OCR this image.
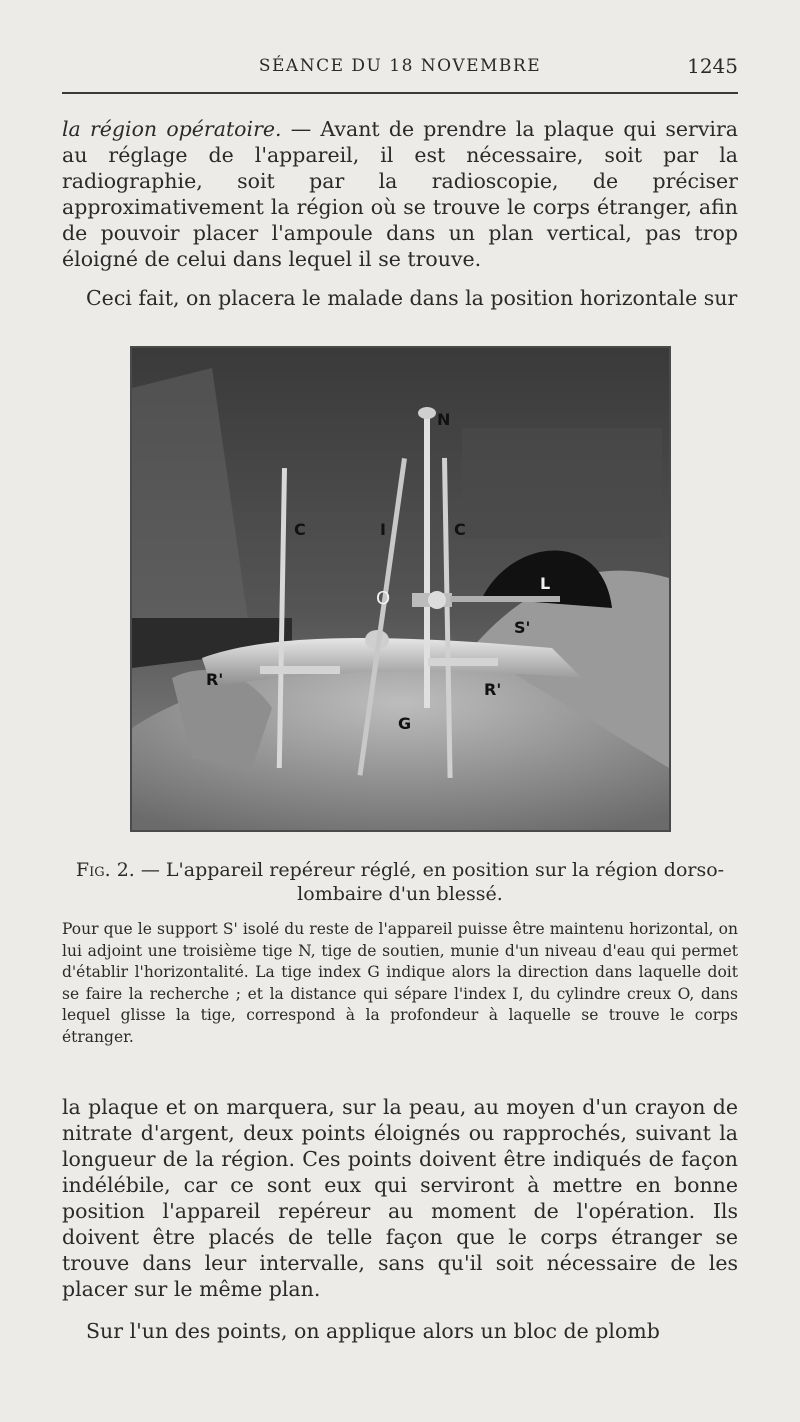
SÉANCE DU 18 NOVEMBRE	1245

la région opératoire. — Avant de prendre la plaque qui servira au réglage de l'appareil, il est nécessaire, soit par la radiographie, soit par la radioscopie, de préciser approximativement la région où se trouve le corps étranger, afin de pouvoir placer l'ampoule dans un plan vertical, pas trop éloigné de celui dans lequel il se trouve.

Ceci fait, on placera le malade dans la position horizontale sur

N
C	I	C
O
L
S'
R'
R'
G

Fig. 2. — L'appareil repéreur réglé, en position sur la région dorso-lombaire d'un blessé.

Pour que le support S' isolé du reste de l'appareil puisse être maintenu horizontal, on lui adjoint une troisième tige N, tige de soutien, munie d'un niveau d'eau qui permet d'établir l'horizontalité. La tige index G indique alors la direction dans laquelle doit se faire la recherche ; et la distance qui sépare l'index I, du cylindre creux O, dans lequel glisse la tige, correspond à la profondeur à laquelle se trouve le corps étranger.

la plaque et on marquera, sur la peau, au moyen d'un crayon de nitrate d'argent, deux points éloignés ou rapprochés, suivant la longueur de la région. Ces points doivent être indiqués de façon indélébile, car ce sont eux qui serviront à mettre en bonne position l'appareil repéreur au moment de l'opération. Ils doivent être placés de telle façon que le corps étranger se trouve dans leur intervalle, sans qu'il soit nécessaire de les placer sur le même plan.

Sur l'un des points, on applique alors un bloc de plomb
